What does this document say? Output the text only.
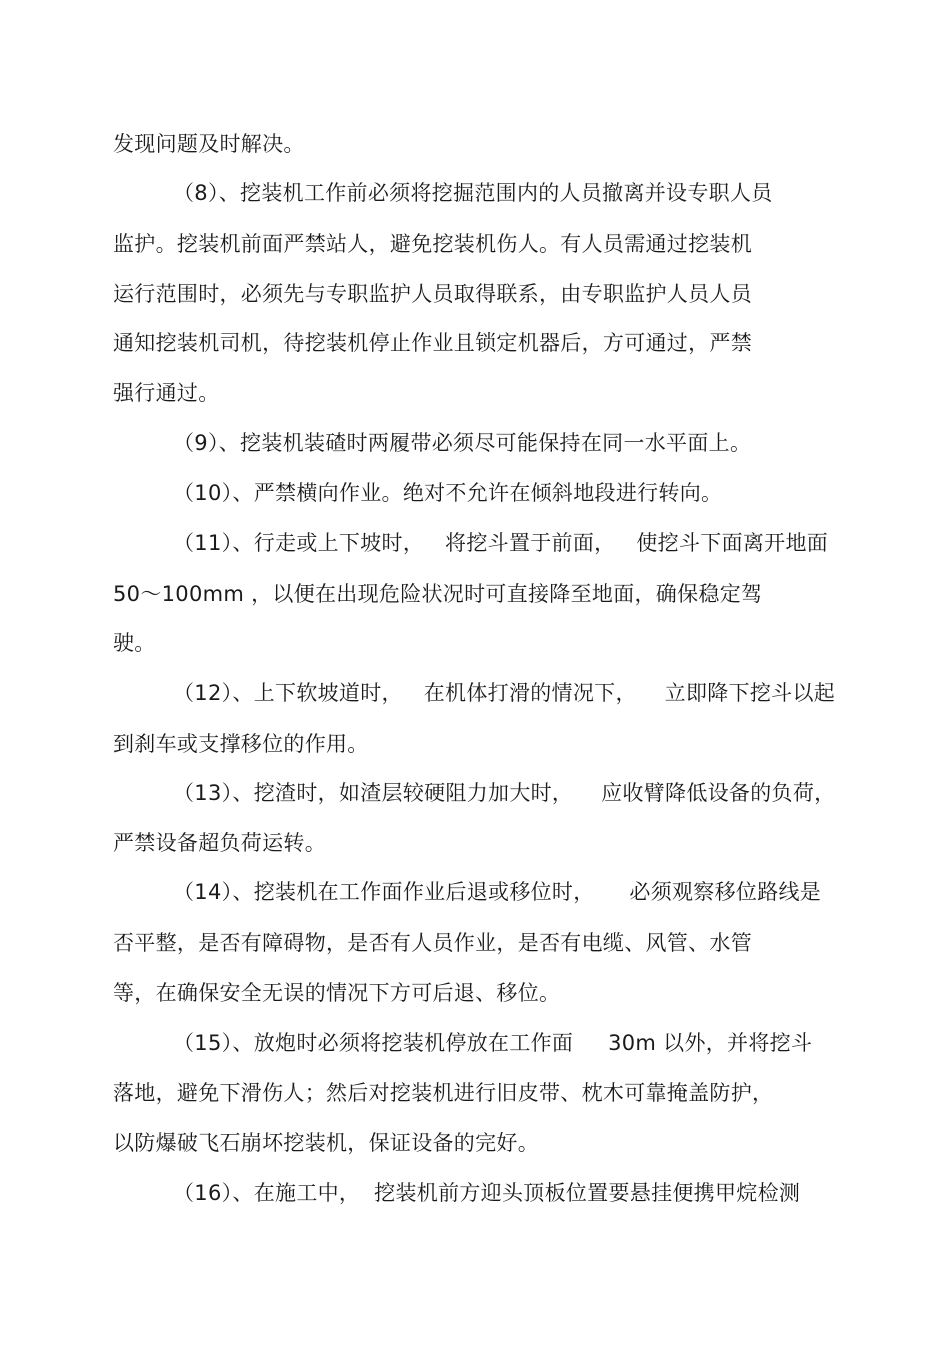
发现问题及时解决。
（8）、挖装机工作前必须将挖掘范围内的人员撤离并设专职人员
监护。挖装机前面严禁站人，避免挖装机伤人。有人员需通过挖装机
运行范围时，必须先与专职监护人员取得联系，由专职监护人员人员
通知挖装机司机，待挖装机停止作业且锁定机器后，方可通过，严禁
强行通过。
（9）、挖装机装碴时两履带必须尽可能保持在同一水平面上。
（10）、严禁横向作业。绝对不允许在倾斜地段进行转向。
（11）、行走或上下坡时，   将挖斗置于前面，   使挖斗下面离开地面
50～100mm ，以便在出现危险状况时可直接降至地面，确保稳定驾
驶。
（12）、上下软坡道时，   在机体打滑的情况下，    立即降下挖斗以起
到刹车或支撑移位的作用。
（13）、挖渣时，如渣层较硬阻力加大时，    应收臂降低设备的负荷，
严禁设备超负荷运转。
（14）、挖装机在工作面作业后退或移位时，     必须观察移位路线是
否平整，是否有障碍物，是否有人员作业，是否有电缆、风管、水管
等，在确保安全无误的情况下方可后退、移位。
（15）、放炮时必须将挖装机停放在工作面     30m 以外，并将挖斗
落地，避免下滑伤人；然后对挖装机进行旧皮带、枕木可靠掩盖防护，
以防爆破飞石崩坏挖装机，保证设备的完好。
（16）、在施工中，  挖装机前方迎头顶板位置要悬挂便携甲烷检测
